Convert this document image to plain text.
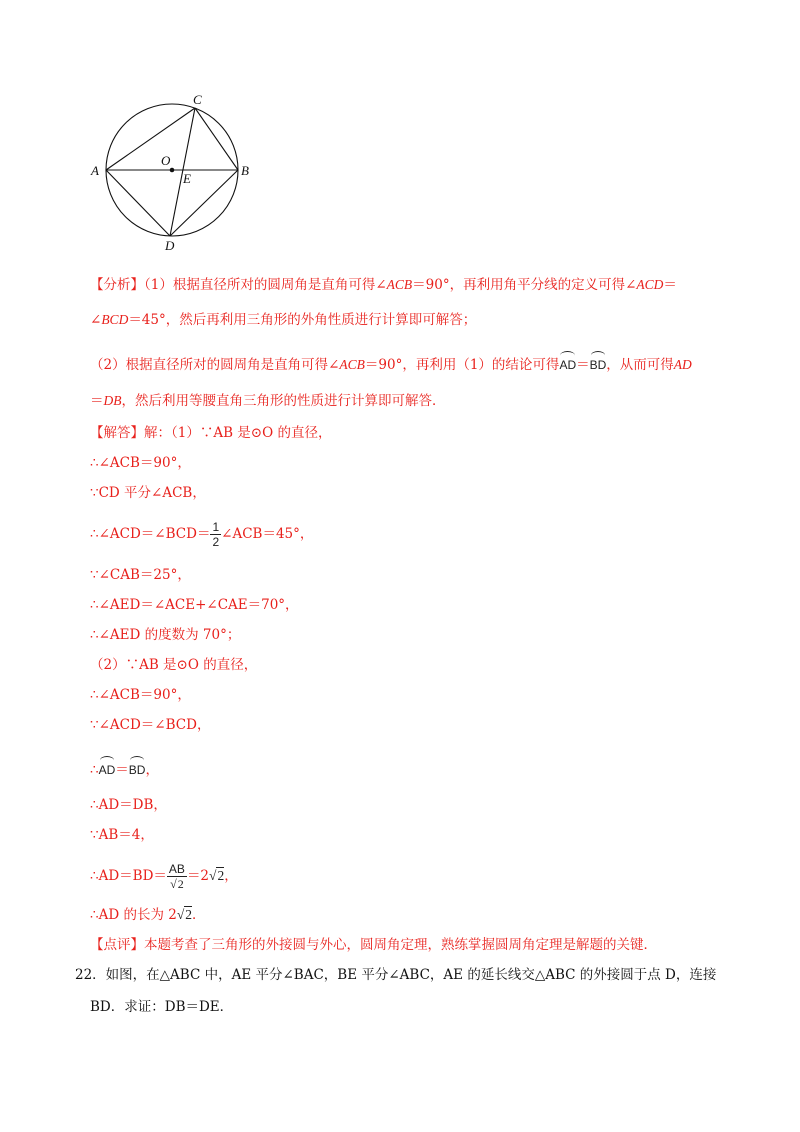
C
A	B
O
E
D
【分析】（1）根据直径所对的圆周角是直角可得∠ACB＝90°，再利用角平分线的定义可得∠ACD＝
∠BCD＝45°，然后再利用三角形的外角性质进行计算即可解答；
（2）根据直径所对的圆周角是直角可得∠ACB＝90°，再利用（1）的结论可得AD＝BD，从而可得AD
＝DB，然后利用等腰直角三角形的性质进行计算即可解答．
【解答】解：（1）∵AB 是⊙O 的直径，
∴∠ACB＝90°，
∵CD 平分∠ACB，
∴∠ACD＝∠BCD＝ $\frac{1}{2}$ ∠ACB＝45°，
∵∠CAB＝25°，
∴∠AED＝∠ACE+∠CAE＝70°，
∴∠AED 的度数为 70°；
（2）∵AB 是⊙O 的直径，
∴∠ACB＝90°，
∵∠ACD＝∠BCD，
∴AD＝BD，
∴AD＝DB，
∵AB＝4，
∴AD＝BD＝ $\frac{AB}{√2} =2√2$，
∴AD 的长为 2√2．
【点评】本题考查了三角形的外接圆与外心，圆周角定理，熟练掌握圆周角定理是解题的关键．
22．如图，在△ABC 中，AE 平分∠BAC，BE 平分∠ABC，AE 的延长线交△ABC 的外接圆于点 D，连接
BD．求证：DB＝DE．
